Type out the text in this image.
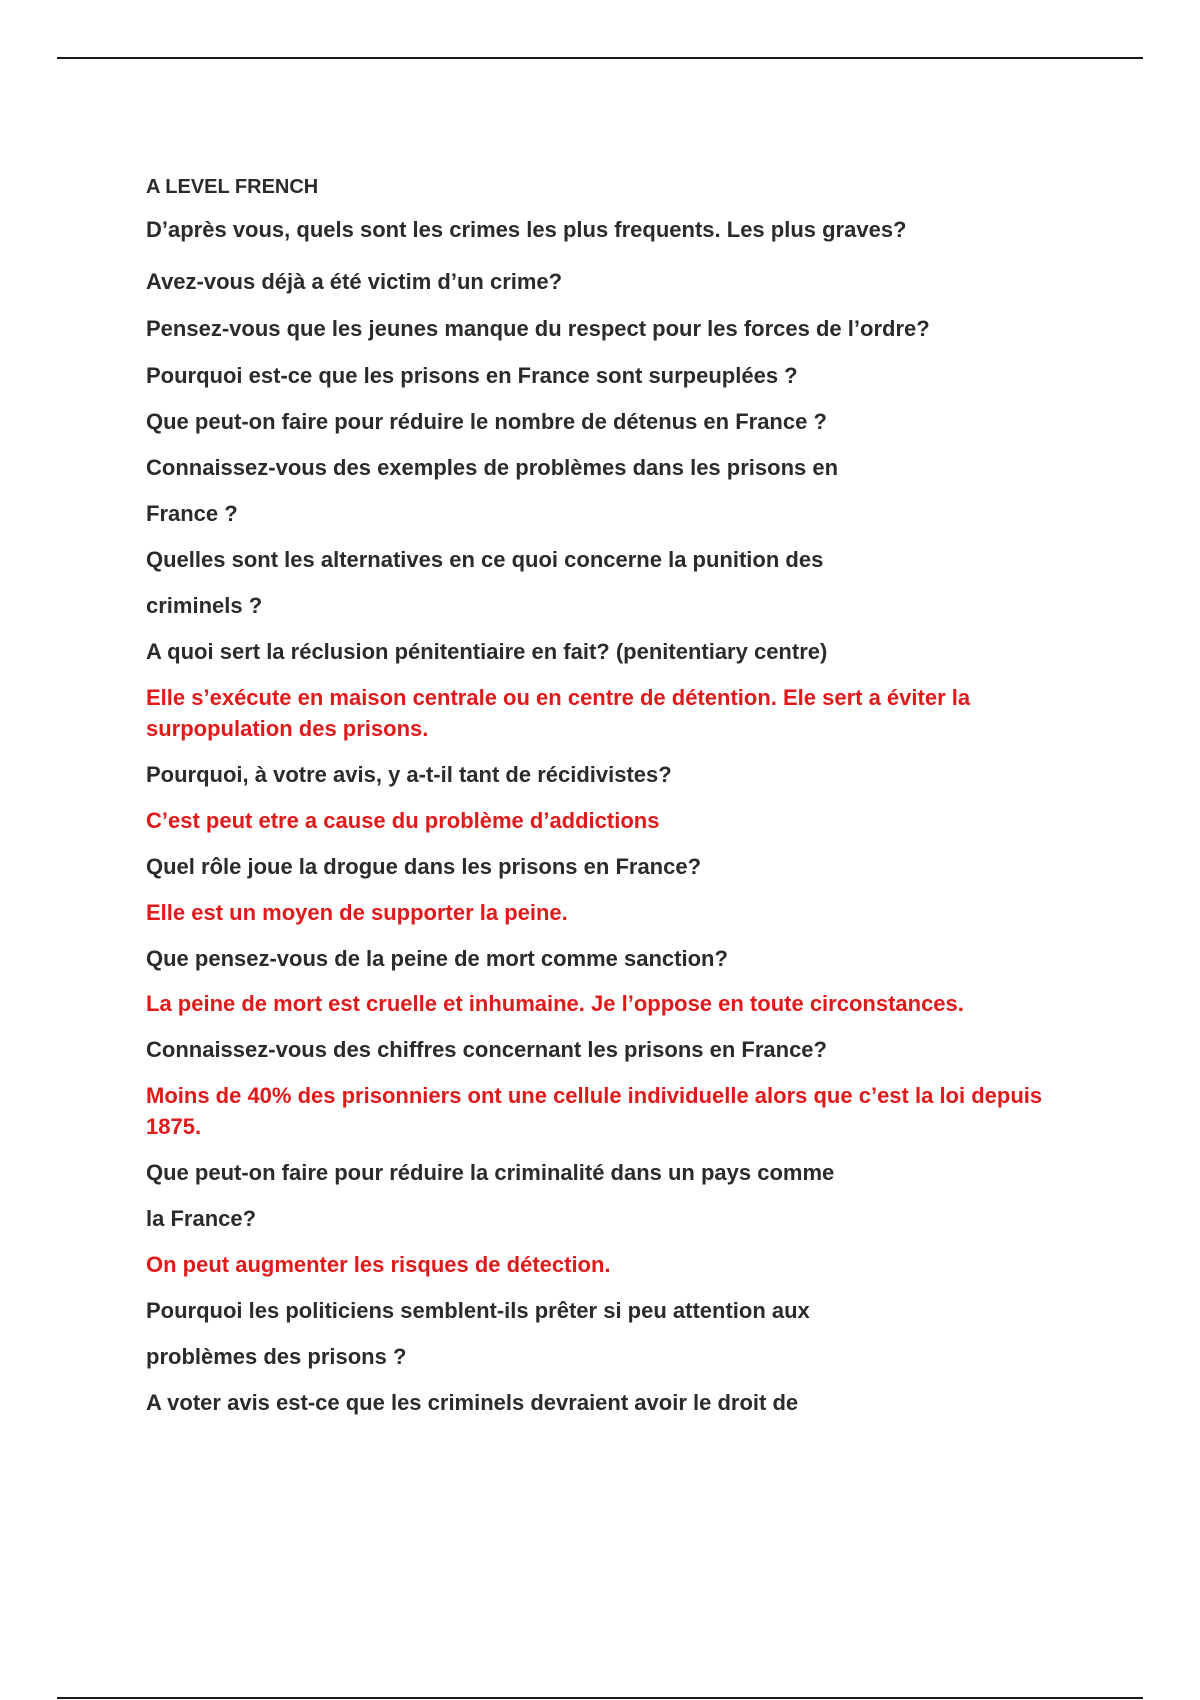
A LEVEL FRENCH
D’après vous, quels sont les crimes les plus frequents. Les plus graves?
Avez-vous déjà a été victim d’un crime?
Pensez-vous que les jeunes manque du respect pour les forces de l’ordre?
Pourquoi est-ce que les prisons en France sont surpeuplées ?
Que peut-on faire pour réduire le nombre de détenus en France ?
Connaissez-vous des exemples de problèmes dans les prisons en
France ?
Quelles sont les alternatives en ce quoi concerne la punition des
criminels ?
A quoi sert la réclusion pénitentiaire en fait? (penitentiary centre)
Elle s’exécute en maison centrale ou en centre de détention. Ele sert a éviter la surpopulation des prisons.
Pourquoi, à votre avis, y a-t-il tant de récidivistes?
C’est peut etre a cause du problème d’addictions
Quel rôle joue la drogue dans les prisons en France?
Elle est un moyen de supporter la peine.
Que pensez-vous de la peine de mort comme sanction?
La peine de mort est cruelle et inhumaine. Je l’oppose en toute circonstances.
Connaissez-vous des chiffres concernant les prisons en France?
Moins de 40% des prisonniers ont une cellule individuelle alors que c’est la loi depuis 1875.
Que peut-on faire pour réduire la criminalité dans un pays comme
la France?
On peut augmenter les risques de détection.
Pourquoi les politiciens semblent-ils prêter si peu attention aux
problèmes des prisons ?
A voter avis est-ce que les criminels devraient avoir le droit de
